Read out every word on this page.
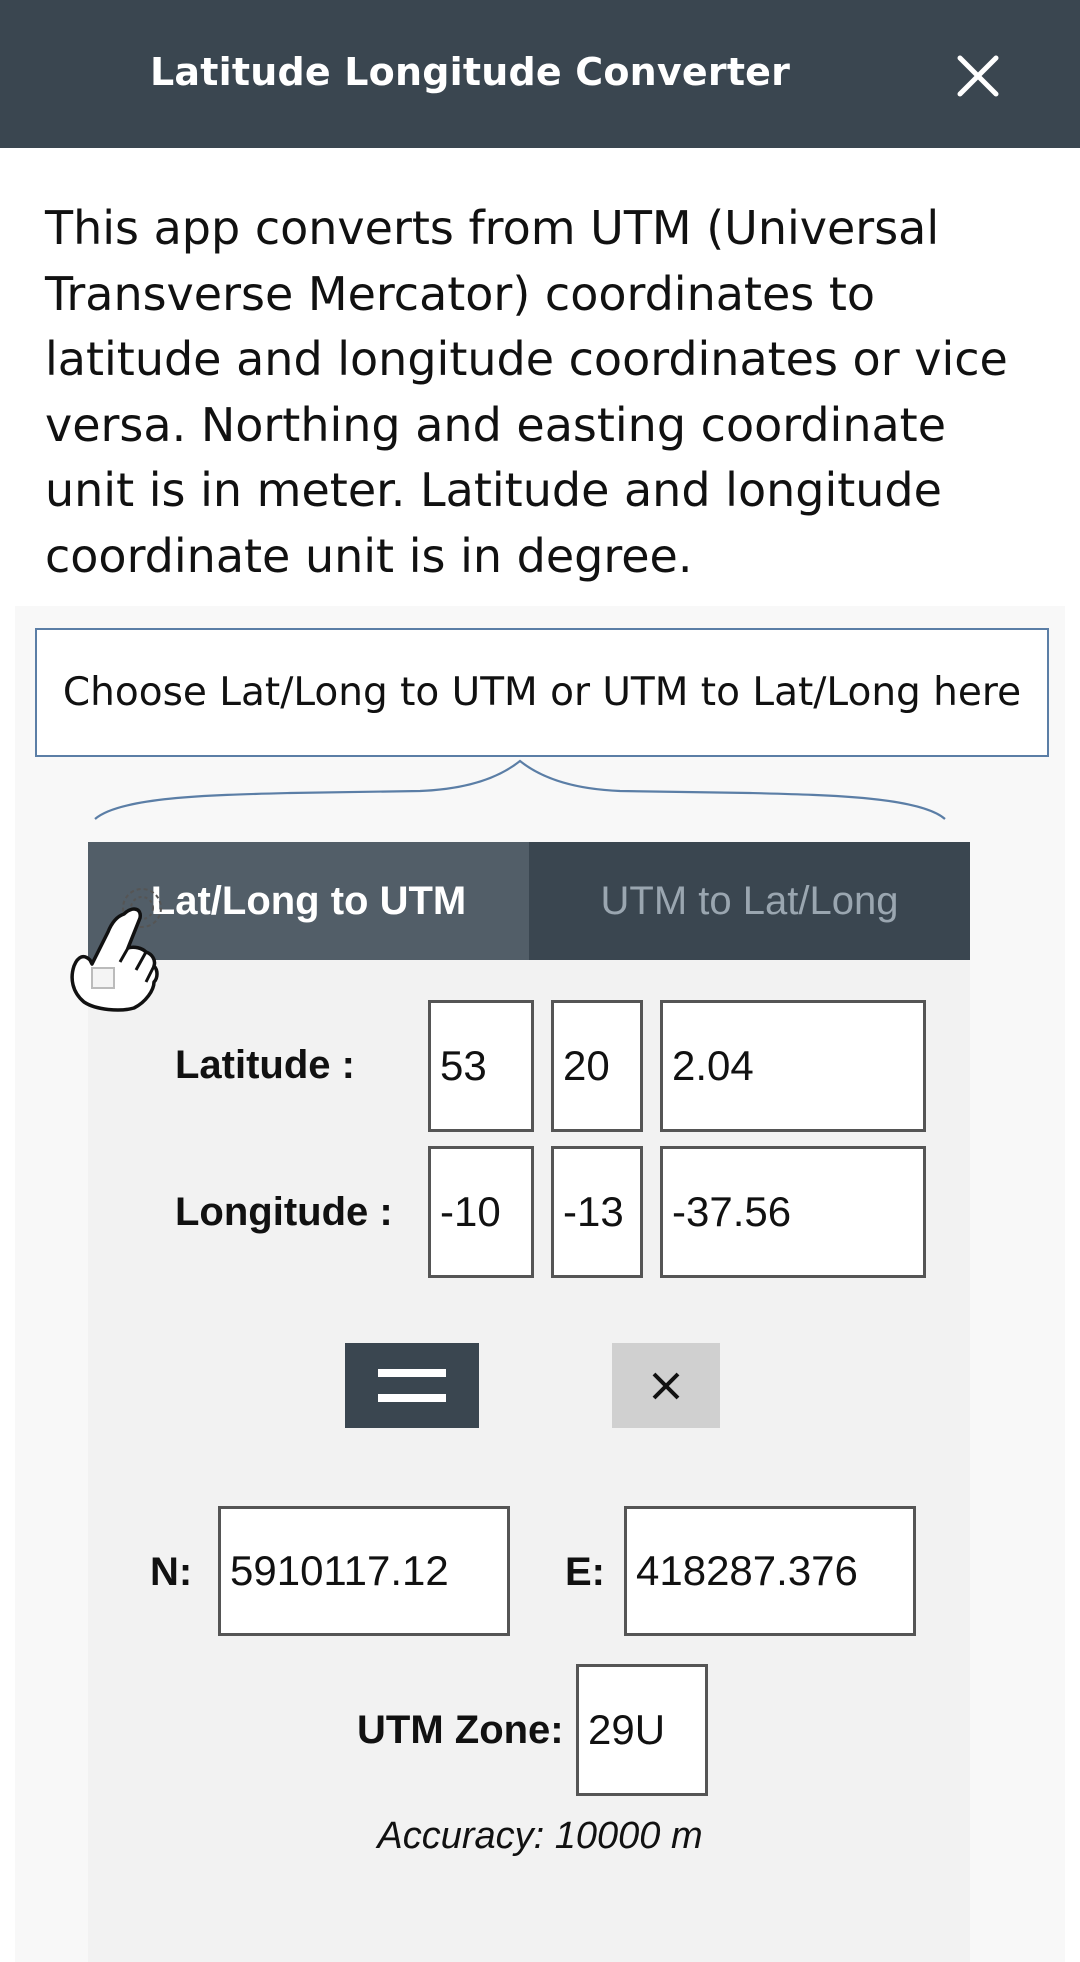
Latitude Longitude Converter
This app converts from UTM (Universal Transverse Mercator) coordinates to latitude and longitude coordinates or vice versa. Northing and easting coordinate unit is in meter. Latitude and longitude coordinate unit is in degree.
Choose Lat/Long to UTM or UTM to Lat/Long here
Lat/Long to UTM	UTM to Lat/Long
Latitude : 53 20 2.04
Longitude : -10 -13 -37.56
N: 5910117.12	E: 418287.376
UTM Zone: 29U
Accuracy: 10000 m
